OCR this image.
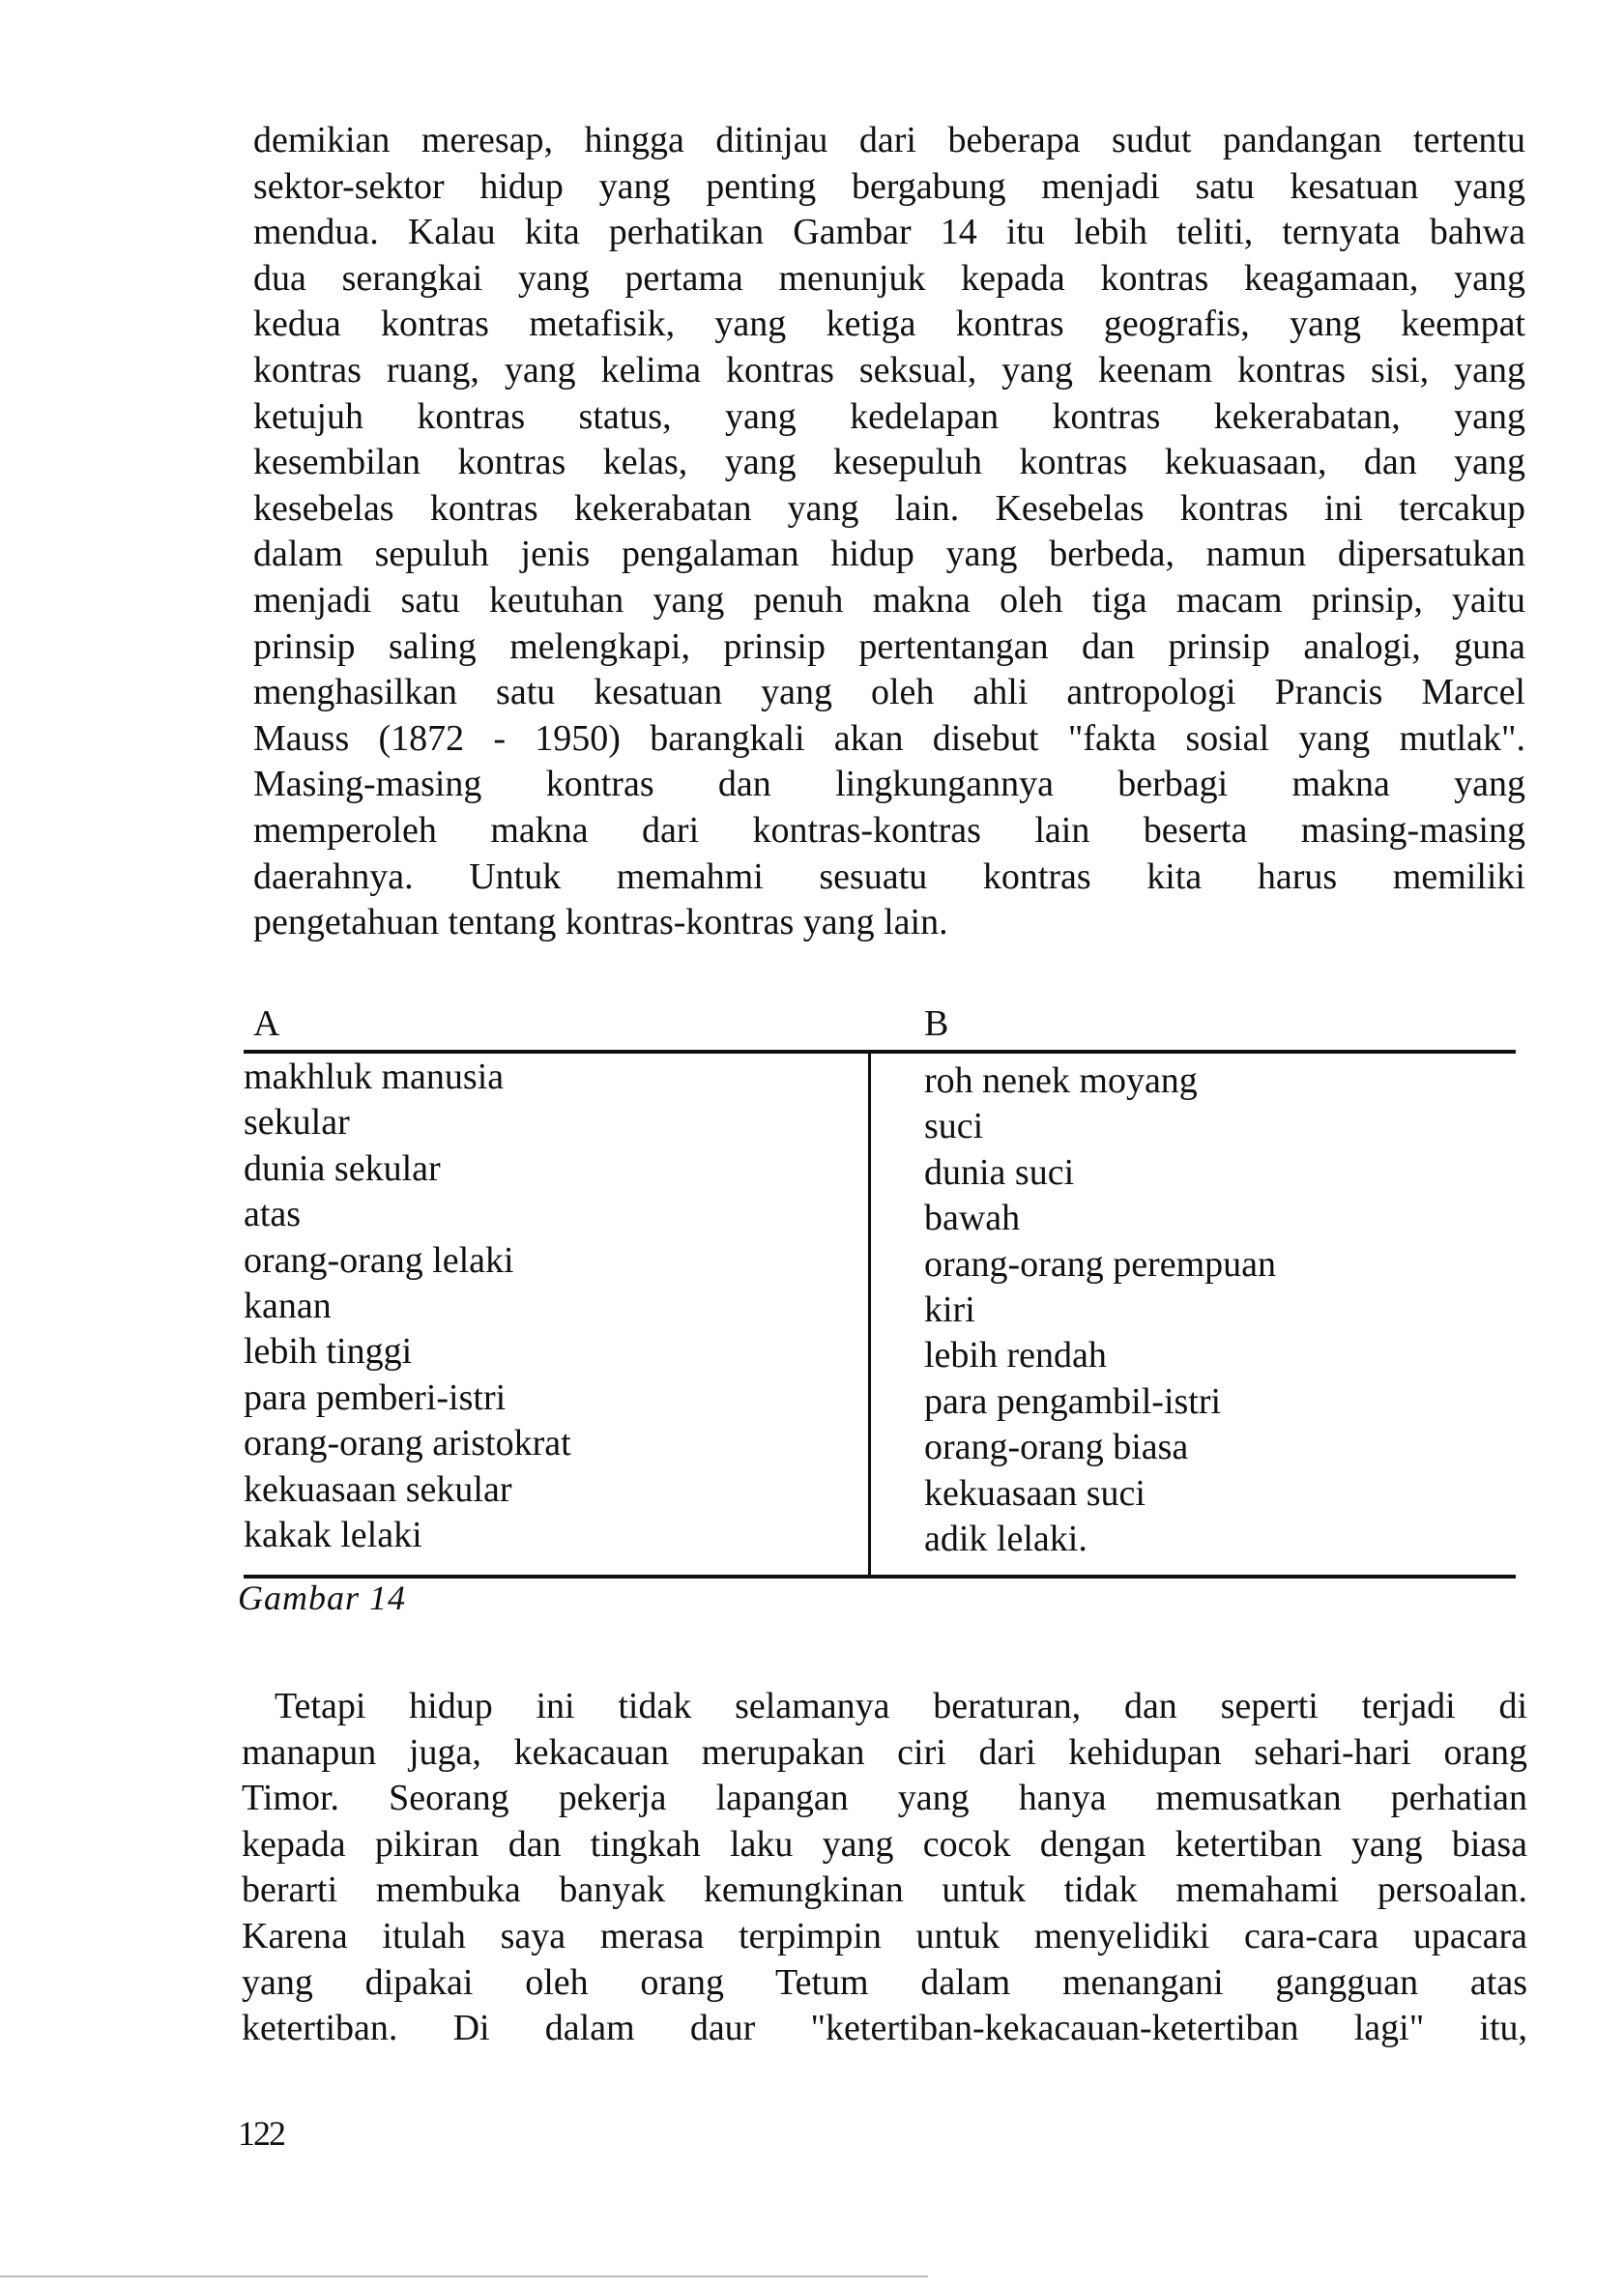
demikian meresap, hingga ditinjau dari beberapa sudut pandangan tertentu
sektor-sektor hidup yang penting bergabung menjadi satu kesatuan yang
mendua. Kalau kita perhatikan Gambar 14 itu lebih teliti, ternyata bahwa
dua serangkai yang pertama menunjuk kepada kontras keagamaan, yang
kedua kontras metafisik, yang ketiga kontras geografis, yang keempat
kontras ruang, yang kelima kontras seksual, yang keenam kontras sisi, yang
ketujuh kontras status, yang kedelapan kontras kekerabatan, yang
kesembilan kontras kelas, yang kesepuluh kontras kekuasaan, dan yang
kesebelas kontras kekerabatan yang lain. Kesebelas kontras ini tercakup
dalam sepuluh jenis pengalaman hidup yang berbeda, namun dipersatukan
menjadi satu keutuhan yang penuh makna oleh tiga macam prinsip, yaitu
prinsip saling melengkapi, prinsip pertentangan dan prinsip analogi, guna
menghasilkan satu kesatuan yang oleh ahli antropologi Prancis Marcel
Mauss (1872 - 1950) barangkali akan disebut "fakta sosial yang mutlak".
Masing-masing kontras dan lingkungannya berbagi makna yang
memperoleh makna dari kontras-kontras lain beserta masing-masing
daerahnya. Untuk memahmi sesuatu kontras kita harus memiliki
pengetahuan tentang kontras-kontras yang lain.
A	B
makhluk manusia
sekular
dunia sekular
atas
orang-orang lelaki
kanan
lebih tinggi
para pemberi-istri
orang-orang aristokrat
kekuasaan sekular
kakak lelaki
roh nenek moyang
suci
dunia suci
bawah
orang-orang perempuan
kiri
lebih rendah
para pengambil-istri
orang-orang biasa
kekuasaan suci
adik lelaki.
Gambar 14
Tetapi hidup ini tidak selamanya beraturan, dan seperti terjadi di
manapun juga, kekacauan merupakan ciri dari kehidupan sehari-hari orang
Timor. Seorang pekerja lapangan yang hanya memusatkan perhatian
kepada pikiran dan tingkah laku yang cocok dengan ketertiban yang biasa
berarti membuka banyak kemungkinan untuk tidak memahami persoalan.
Karena itulah saya merasa terpimpin untuk menyelidiki cara-cara upacara
yang dipakai oleh orang Tetum dalam menangani gangguan atas
ketertiban. Di dalam daur "ketertiban-kekacauan-ketertiban lagi" itu,
122
